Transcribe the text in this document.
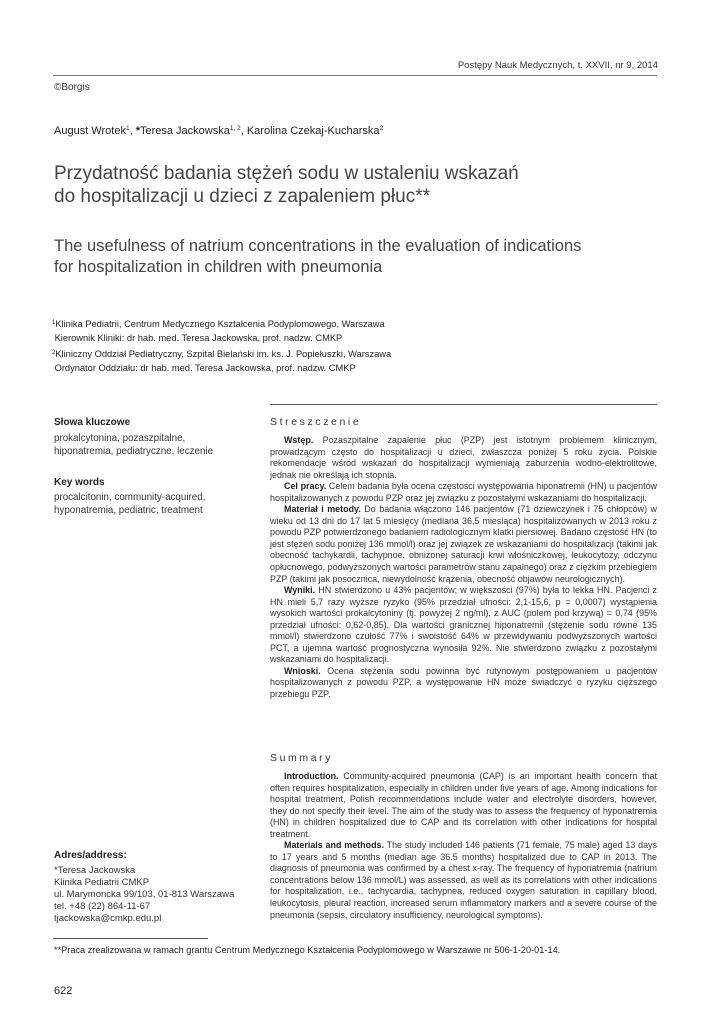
Postępy Nauk Medycznych, t. XXVII, nr 9, 2014
©Borgis
August Wrotek$^1$, *Teresa Jackowska$^{1, 2}$, Karolina Czekaj-Kucharska$^2$
Przydatność badania stężeń sodu w ustaleniu wskazań
do hospitalizacji u dzieci z zapaleniem płuc**
The usefulness of natrium concentrations in the evaluation of indications
for hospitalization in children with pneumonia
$^1$Klinika Pediatrii, Centrum Medycznego Kształcenia Podyplomowego, Warszawa
Kierownik Kliniki: dr hab. med. Teresa Jackowska, prof. nadzw. CMKP
$^2$Kliniczny Oddział Pediatryczny, Szpital Bielański im. ks. J. Popiełuszki, Warszawa
Ordynator Oddziału: dr hab. med. Teresa Jackowska, prof. nadzw. CMKP
Słowa kluczowe
prokalcytonina, pozaszpitalne,
hiponatremia, pediatryczne, leczenie
Key words
procalcitonin, community-acquired,
hyponatremia, pediatric, treatment
Streszczenie

Wstęp. Pozaszpitalne zapalenie płuc (PZP) jest istotnym problemem klinicznym, prowadzącym często do hospitalizacji u dzieci, zwłaszcza poniżej 5 roku życia. Polskie rekomendacje wśród wskazań do hospitalizacji wymieniają zaburzenia wodno-elektrolitowe, jednak nie określają ich stopnia.

Cel pracy. Celem badania była ocena częstości występowania hiponatremii (HN) u pacjentów hospitalizowanych z powodu PZP oraz jej związku z pozostałymi wskazaniami do hospitalizacji.

Materiał i metody. Do badania włączono 146 pacjentów (71 dziewczynek i 75 chłopców) w wieku od 13 dni do 17 lat 5 miesięcy (mediana 36,5 miesiąca) hospitalizowanych w 2013 roku z powodu PZP potwierdzonego badaniem radiologicznym klatki piersiowej. Badano częstość HN (to jest stężeń sodu poniżej 136 mmol/l) oraz jej związek ze wskazaniami do hospitalizacji (takimi jak obecność tachykardii, tachypnoe, obniżonej saturacji krwi włośniczkowej, leukocytozy, odczynu opłucnowego, podwyższonych wartości parametrów stanu zapalnego) oraz z ciężkim przebiegiem PZP (takimi jak posocznica, niewydolność krążenia, obecność objawów neurologicznych).

Wyniki. HN stwierdzono u 43% pacjentów; w większości (97%) była to lekka HN. Pacjenci z HN mieli 5,7 razy wyższe ryzyko (95% przedział ufności: 2,1-15,6, p = 0,0007) wystąpienia wysokich wartości prokalcytoniny (tj. powyżej 2 ng/ml), z AUC (polem pod krzywą) = 0,74 (95% przedział ufności: 0,62-0,85). Dla wartości granicznej hiponatremii (stężenie sodu równe 135 mmol/l) stwierdzono czułość 77% i swoistość 64% w przewidywaniu podwyższonych wartości PCT, a ujemna wartość prognostyczna wynosiła 92%. Nie stwierdzono związku z pozostałymi wskazaniami do hospitalizacji.

Wnioski. Ocena stężenia sodu powinna być rutynowym postępowaniem u pacjentów hospitalizowanych z powodu PZP, a występowanie HN może świadczyć o ryzyku cięższego przebiegu PZP.

Summary

Introduction. Community-acquired pneumonia (CAP) is an important health concern that often requires hospitalization, especially in children under five years of age. Among indications for hospital treatment, Polish recommendations include water and electrolyte disorders, however, they do not specify their level. The aim of the study was to assess the frequency of hyponatremia (HN) in children hospitalized due to CAP and its correlation with other indications for hospital treatment.

Materials and methods. The study included 146 patients (71 female, 75 male) aged 13 days to 17 years and 5 months (median age 36.5 months) hospitalized due to CAP in 2013. The diagnosis of pneumonia was confirmed by a chest x-ray. The frequency of hyponatremia (natrium concentrations below 136 mmol/L) was assessed, as well as its correlations with other indications for hospitalization, i.e., tachycardia, tachypnea, reduced oxygen saturation in capillary blood, leukocytosis, pleural reaction, increased serum inflammatory markers and a severe course of the pneumonia (sepsis, circulatory insufficiency, neurological symptoms).

Adres/address:
*Teresa Jackowska
Klinika Pediatrii CMKP
ul. Marymoncka 99/103, 01-813 Warszawa
tel. +48 (22) 864-11-67
tjackowska@cmkp.edu.pl
**Praca zrealizowana w ramach grantu Centrum Medycznego Kształcenia Podyplomowego w Warszawie nr 506-1-20-01-14.
622
